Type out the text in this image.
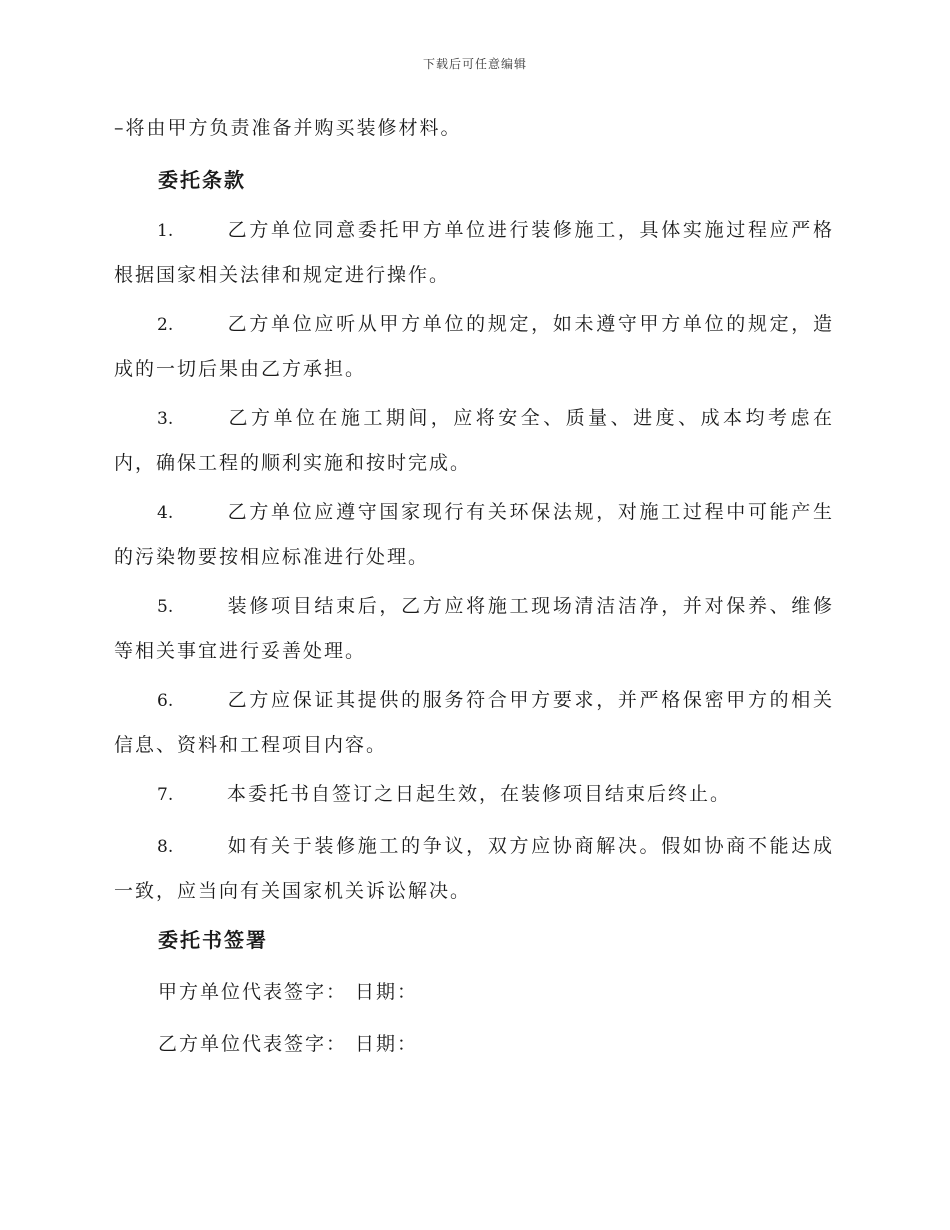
下载后可任意编辑
–将由甲方负责准备并购买装修材料。
委托条款
1.	乙方单位同意委托甲方单位进行装修施工，具体实施过程应严格根据国家相关法律和规定进行操作。
2.	乙方单位应听从甲方单位的规定，如未遵守甲方单位的规定，造成的一切后果由乙方承担。
3.	乙方单位在施工期间，应将安全、质量、进度、成本均考虑在内，确保工程的顺利实施和按时完成。
4.	乙方单位应遵守国家现行有关环保法规，对施工过程中可能产生的污染物要按相应标准进行处理。
5.	装修项目结束后，乙方应将施工现场清洁洁净，并对保养、维修等相关事宜进行妥善处理。
6.	乙方应保证其提供的服务符合甲方要求，并严格保密甲方的相关信息、资料和工程项目内容。
7.	本委托书自签订之日起生效，在装修项目结束后终止。
8.	如有关于装修施工的争议，双方应协商解决。假如协商不能达成一致，应当向有关国家机关诉讼解决。
委托书签署
甲方单位代表签字： 日期：
乙方单位代表签字： 日期：
